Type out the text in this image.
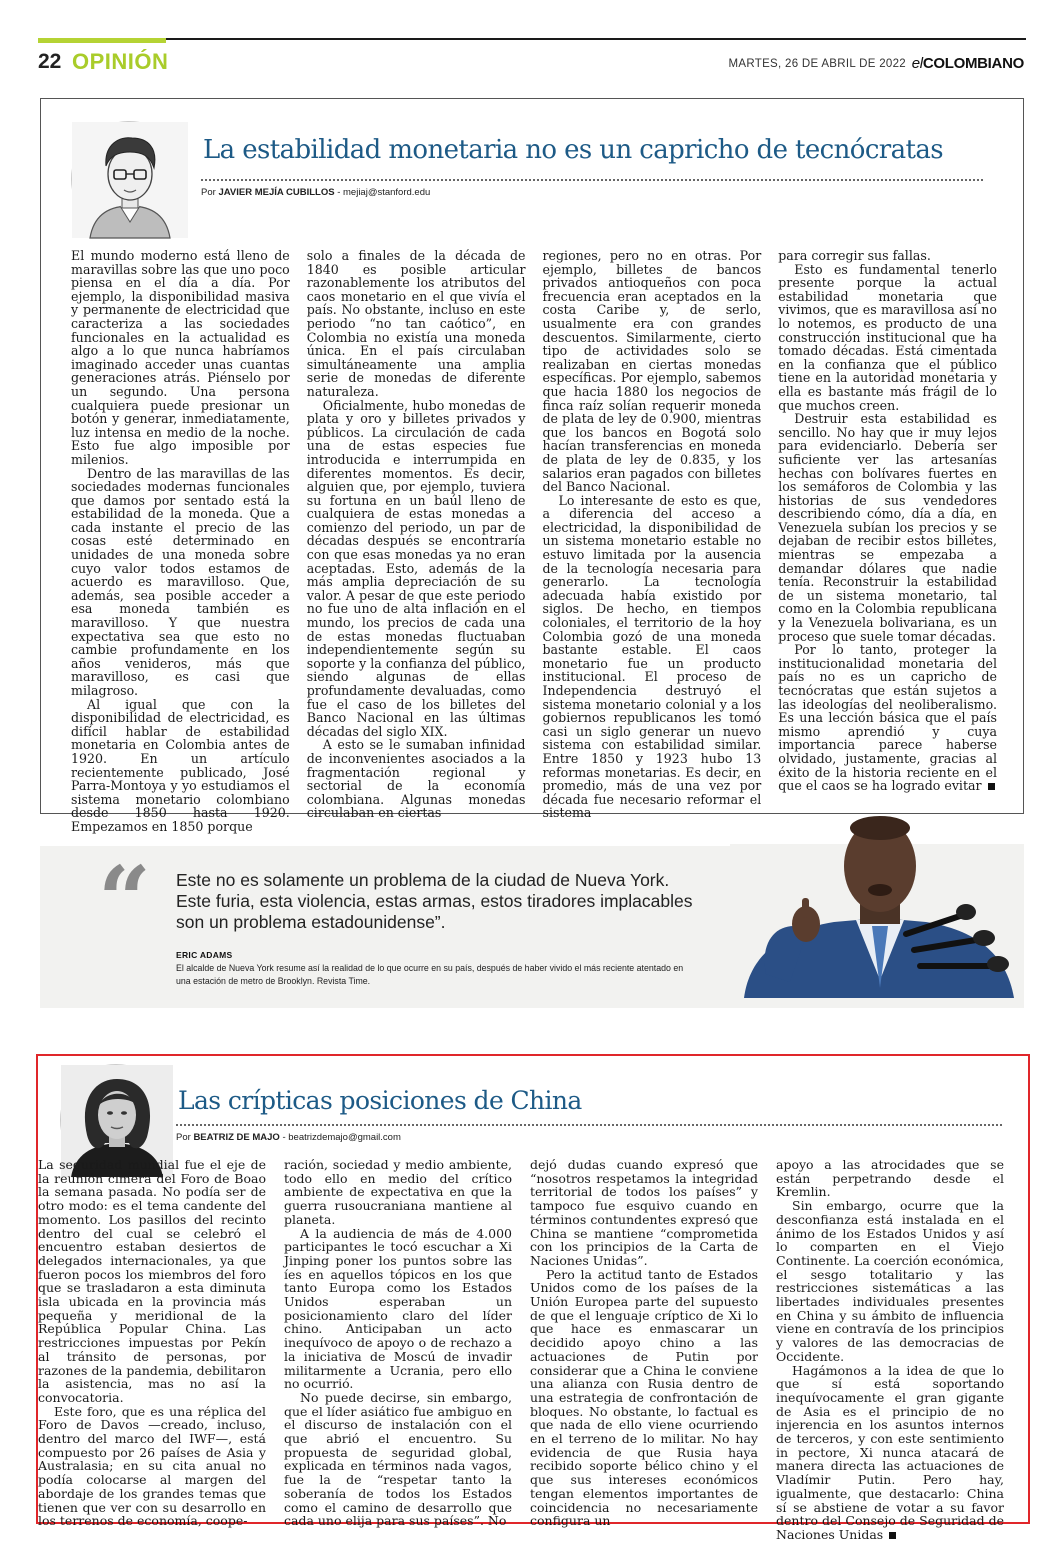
22 OPINIÓN	MARTES, 26 DE ABRIL DE 2022 elCOLOMBIANO
La estabilidad monetaria no es un capricho de tecnócratas
Por JAVIER MEJÍA CUBILLOS - mejiaj@stanford.edu

El mundo moderno está lleno de maravillas sobre las que uno poco piensa en el día a día. Por ejemplo, la disponibilidad masiva y permanente de electricidad que caracteriza a las sociedades funcionales en la actualidad es algo a lo que nunca habríamos imaginado acceder unas cuantas generaciones atrás. Piénselo por un segundo. Una persona cualquiera puede presionar un botón y generar, inmediatamente, luz intensa en medio de la noche. Esto fue algo imposible por milenios.

Dentro de las maravillas de las sociedades modernas funcionales que damos por sentado está la estabilidad de la moneda. Que a cada instante el precio de las cosas esté determinado en unidades de una moneda sobre cuyo valor todos estamos de acuerdo es maravilloso. Que, además, sea posible acceder a esa moneda también es maravilloso. Y que nuestra expectativa sea que esto no cambie profundamente en los años venideros, más que maravilloso, es casi que milagroso.

Al igual que con la disponibilidad de electricidad, es difícil hablar de estabilidad monetaria en Colombia antes de 1920. En un artículo recientemente publicado, José Parra-Montoya y yo estudiamos el sistema monetario colombiano desde 1850 hasta 1920. Empezamos en 1850 porque

solo a finales de la década de 1840 es posible articular razonablemente los atributos del caos monetario en el que vivía el país. No obstante, incluso en este periodo “no tan caótico”, en Colombia no existía una moneda única. En el país circulaban simultáneamente una amplia serie de monedas de diferente naturaleza.

Oficialmente, hubo monedas de plata y oro y billetes privados y públicos. La circulación de cada una de estas especies fue introducida e interrumpida en diferentes momentos. Es decir, alguien que, por ejemplo, tuviera su fortuna en un baúl lleno de cualquiera de estas monedas a comienzo del periodo, un par de décadas después se encontraría con que esas monedas ya no eran aceptadas. Esto, además de la más amplia depreciación de su valor. A pesar de que este periodo no fue uno de alta inflación en el mundo, los precios de cada una de estas monedas fluctuaban independientemente según su soporte y la confianza del público, siendo algunas de ellas profundamente devaluadas, como fue el caso de los billetes del Banco Nacional en las últimas décadas del siglo XIX.

A esto se le sumaban infinidad de inconvenientes asociados a la fragmentación regional y sectorial de la economía colombiana. Algunas monedas circulaban en ciertas

regiones, pero no en otras. Por ejemplo, billetes de bancos privados antioqueños con poca frecuencia eran aceptados en la costa Caribe y, de serlo, usualmente era con grandes descuentos. Similarmente, cierto tipo de actividades solo se realizaban en ciertas monedas específicas. Por ejemplo, sabemos que hacia 1880 los negocios de finca raíz solían requerir moneda de plata de ley de 0.900, mientras que los bancos en Bogotá solo hacían transferencias en moneda de plata de ley de 0.835, y los salarios eran pagados con billetes del Banco Nacional.

Lo interesante de esto es que, a diferencia del acceso a electricidad, la disponibilidad de un sistema monetario estable no estuvo limitada por la ausencia de la tecnología necesaria para generarlo. La tecnología adecuada había existido por siglos. De hecho, en tiempos coloniales, el territorio de la hoy Colombia gozó de una moneda bastante estable. El caos monetario fue un producto institucional. El proceso de Independencia destruyó el sistema monetario colonial y a los gobiernos republicanos les tomó casi un siglo generar un nuevo sistema con estabilidad similar. Entre 1850 y 1923 hubo 13 reformas monetarias. Es decir, en promedio, más de una vez por década fue necesario reformar el sistema

para corregir sus fallas.

Esto es fundamental tenerlo presente porque la actual estabilidad monetaria que vivimos, que es maravillosa así no lo notemos, es producto de una construcción institucional que ha tomado décadas. Está cimentada en la confianza que el público tiene en la autoridad monetaria y ella es bastante más frágil de lo que muchos creen.

Destruir esta estabilidad es sencillo. No hay que ir muy lejos para evidenciarlo. Debería ser suficiente ver las artesanías hechas con bolívares fuertes en los semáforos de Colombia y las historias de sus vendedores describiendo cómo, día a día, en Venezuela subían los precios y se dejaban de recibir estos billetes, mientras se empezaba a demandar dólares que nadie tenía. Reconstruir la estabilidad de un sistema monetario, tal como en la Colombia republicana y la Venezuela bolivariana, es un proceso que suele tomar décadas.

Por lo tanto, proteger la institucionalidad monetaria del país no es un capricho de tecnócratas que están sujetos a las ideologías del neoliberalismo. Es una lección básica que el país mismo aprendió y cuya importancia parece haberse olvidado, justamente, gracias al éxito de la historia reciente en el que el caos se ha logrado evitar

“ Este no es solamente un problema de la ciudad de Nueva York. Este furia, esta violencia, estas armas, estos tiradores implacables son un problema estadounidense”.

ERIC ADAMS

El alcalde de Nueva York resume así la realidad de lo que ocurre en su país, después de haber vivido el más reciente atentado en una estación de metro de Brooklyn. Revista Time.

Las crípticas posiciones de China
Por BEATRIZ DE MAJO - beatrizdemajo@gmail.com

La seguridad mundial fue el eje de la reunión cimera del Foro de Boao la semana pasada. No podía ser de otro modo: es el tema candente del momento. Los pasillos del recinto dentro del cual se celebró el encuentro estaban desiertos de delegados internacionales, ya que fueron pocos los miembros del foro que se trasladaron a esta diminuta isla ubicada en la provincia más pequeña y meridional de la República Popular China. Las restricciones impuestas por Pekín al tránsito de personas, por razones de la pandemia, debilitaron la asistencia, mas no así la convocatoria.

Este foro, que es una réplica del Foro de Davos —creado, incluso, dentro del marco del IWF—, está compuesto por 26 países de Asia y Australasia; en su cita anual no podía colocarse al margen del abordaje de los grandes temas que tienen que ver con su desarrollo en los terrenos de economía, coope-

ración, sociedad y medio ambiente, todo ello en medio del crítico ambiente de expectativa en que la guerra rusoucraniana mantiene al planeta.

A la audiencia de más de 4.000 participantes le tocó escuchar a Xi Jinping poner los puntos sobre las íes en aquellos tópicos en los que tanto Europa como los Estados Unidos esperaban un posicionamiento claro del líder chino. Anticipaban un acto inequívoco de apoyo o de rechazo a la iniciativa de Moscú de invadir militarmente a Ucrania, pero ello no ocurrió.

No puede decirse, sin embargo, que el líder asiático fue ambiguo en el discurso de instalación con el que abrió el encuentro. Su propuesta de seguridad global, explicada en términos nada vagos, fue la de “respetar tanto la soberanía de todos los Estados como el camino de desarrollo que cada uno elija para sus países”. No

dejó dudas cuando expresó que “nosotros respetamos la integridad territorial de todos los países” y tampoco fue esquivo cuando en términos contundentes expresó que China se mantiene “comprometida con los principios de la Carta de Naciones Unidas”.

Pero la actitud tanto de Estados Unidos como de los países de la Unión Europea parte del supuesto de que el lenguaje críptico de Xi lo que hace es enmascarar un decidido apoyo chino a las actuaciones de Putin por considerar que a China le conviene una alianza con Rusia dentro de una estrategia de confrontación de bloques. No obstante, lo factual es que nada de ello viene ocurriendo en el terreno de lo militar. No hay evidencia de que Rusia haya recibido soporte bélico chino y el que sus intereses económicos tengan elementos importantes de coincidencia no necesariamente configura un

apoyo a las atrocidades que se están perpetrando desde el Kremlin.

Sin embargo, ocurre que la desconfianza está instalada en el ánimo de los Estados Unidos y así lo comparten en el Viejo Continente. La coerción económica, el sesgo totalitario y las restricciones sistemáticas a las libertades individuales presentes en China y su ámbito de influencia viene en contravía de los principios y valores de las democracias de Occidente.

Hagámonos a la idea de que lo que sí está soportando inequívocamente el gran gigante de Asia es el principio de no injerencia en los asuntos internos de terceros, y con este sentimiento in pectore, Xi nunca atacará de manera directa las actuaciones de Vladímir Putin. Pero hay, igualmente, que destacarlo: China sí se abstiene de votar a su favor dentro del Consejo de Seguridad de Naciones Unidas
